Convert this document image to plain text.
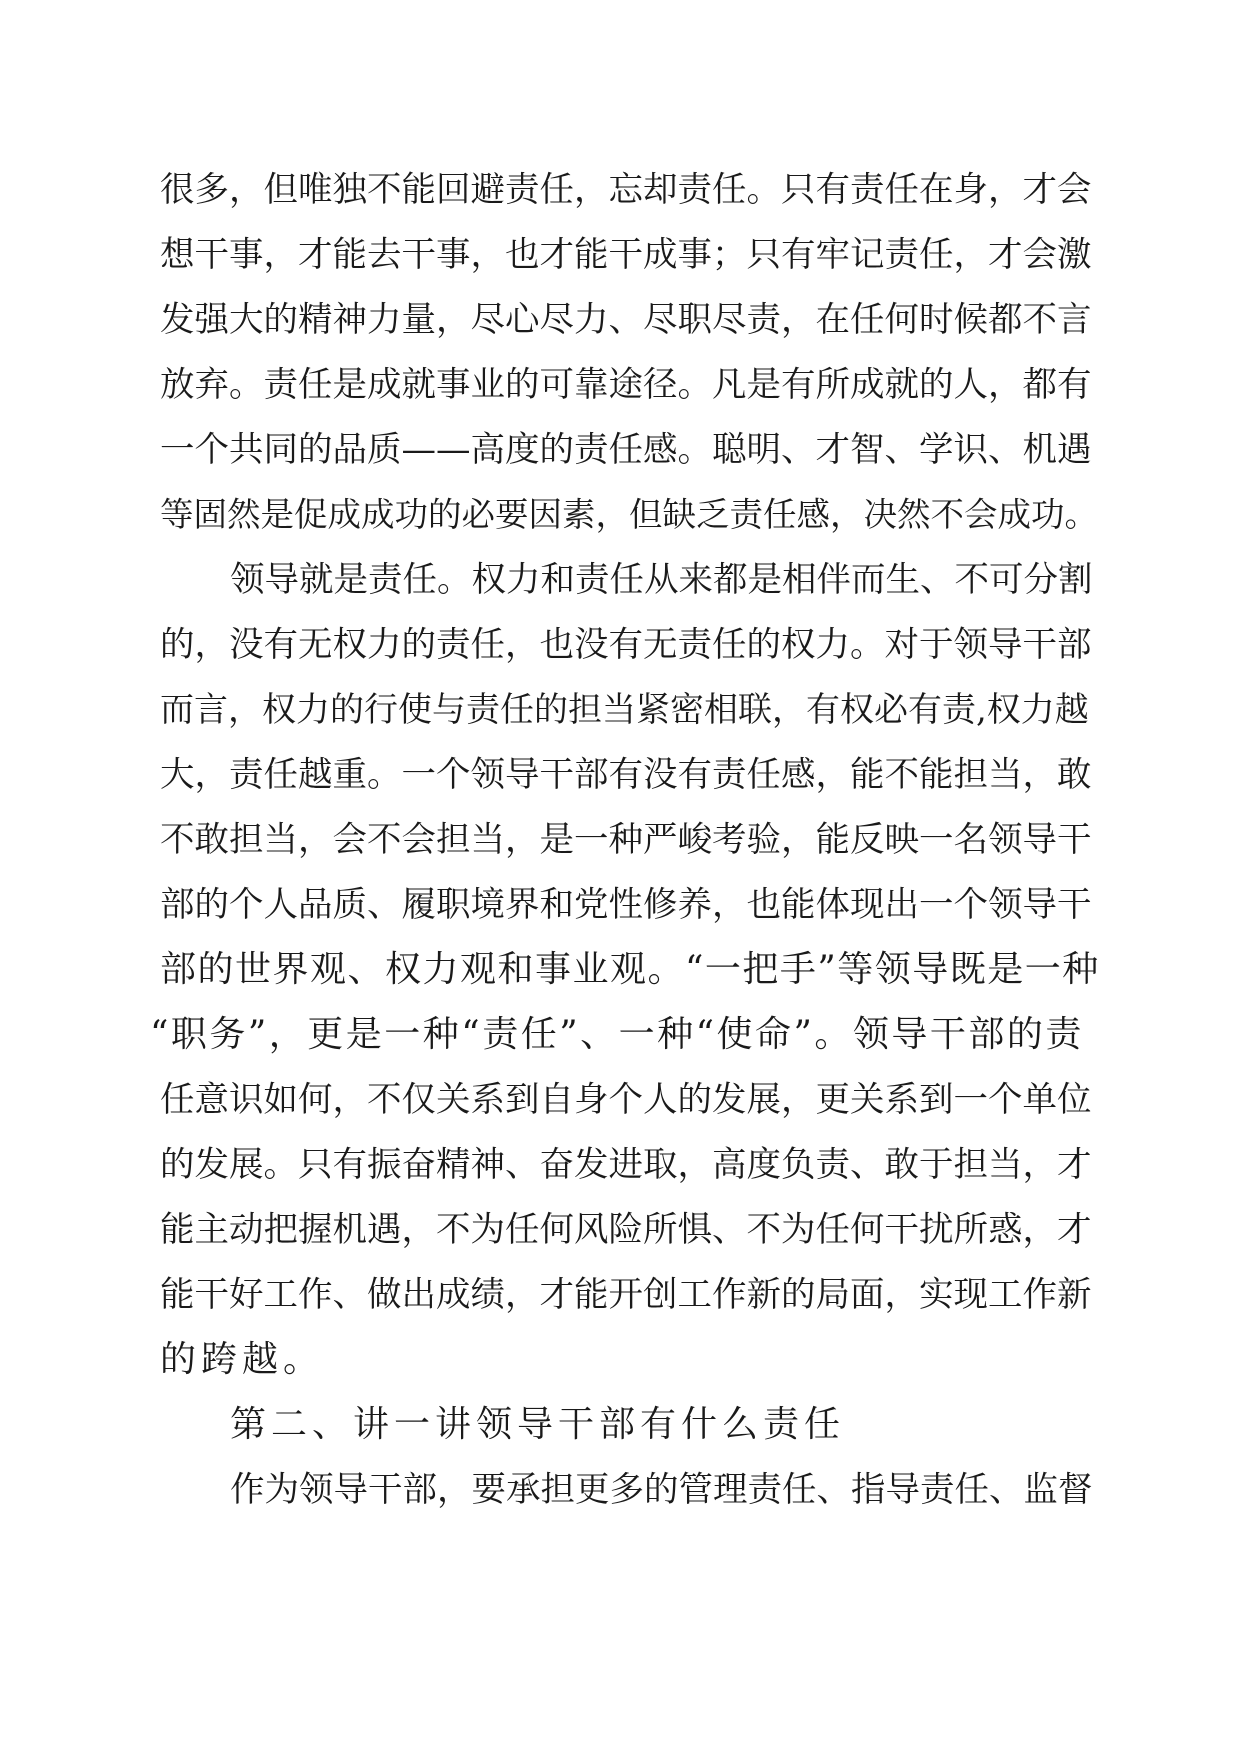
很多，但唯独不能回避责任，忘却责任。只有责任在身，才会
想干事，才能去干事，也才能干成事；只有牢记责任，才会激
发强大的精神力量，尽心尽力、尽职尽责，在任何时候都不言
放弃。责任是成就事业的可靠途径。凡是有所成就的人，都有
一个共同的品质——高度的责任感。聪明、才智、学识、机遇
等固然是促成成功的必要因素，但缺乏责任感，决然不会成功。
领导就是责任。权力和责任从来都是相伴而生、不可分割
的，没有无权力的责任，也没有无责任的权力。对于领导干部
而言，权力的行使与责任的担当紧密相联，有权必有责,权力越
大，责任越重。一个领导干部有没有责任感，能不能担当，敢
不敢担当，会不会担当，是一种严峻考验，能反映一名领导干
部的个人品质、履职境界和党性修养，也能体现出一个领导干
部的世界观、权力观和事业观。“一把手”等领导既是一种
“职务”，更是一种“责任”、一种“使命”。领导干部的责
任意识如何，不仅关系到自身个人的发展，更关系到一个单位
的发展。只有振奋精神、奋发进取，高度负责、敢于担当，才
能主动把握机遇，不为任何风险所惧、不为任何干扰所惑，才
能干好工作、做出成绩，才能开创工作新的局面，实现工作新
的跨越。
第二、讲一讲领导干部有什么责任
作为领导干部，要承担更多的管理责任、指导责任、监督
